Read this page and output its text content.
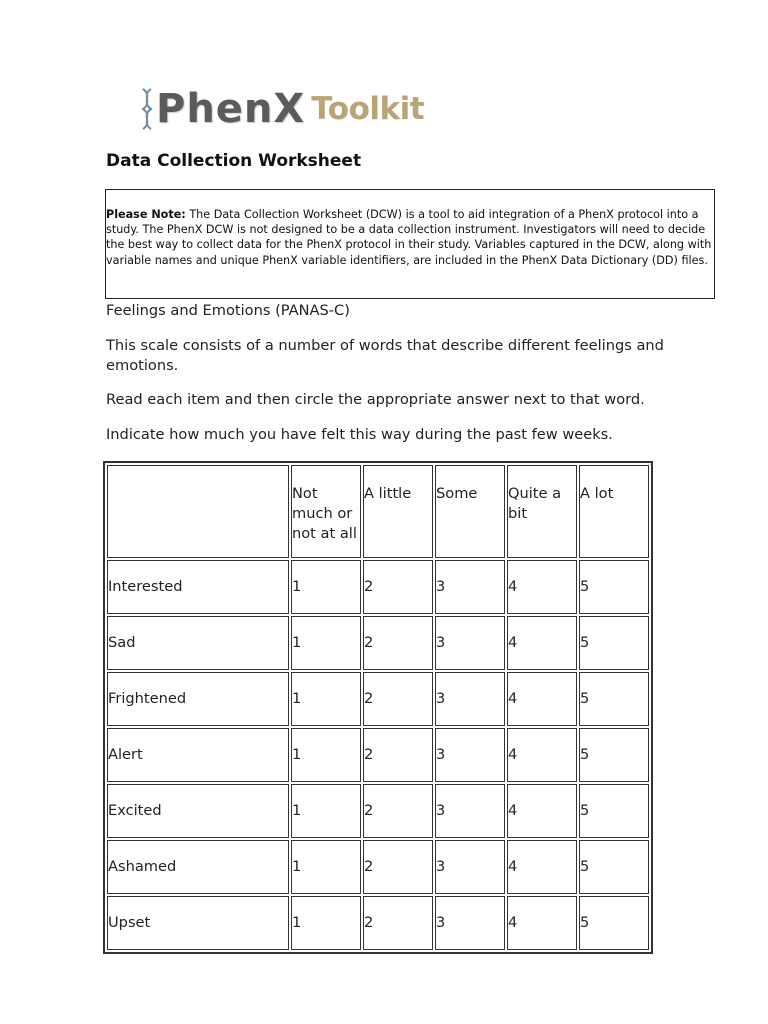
PhenX Toolkit
Data Collection Worksheet
Please Note: The Data Collection Worksheet (DCW) is a tool to aid integration of a PhenX protocol into a study. The PhenX DCW is not designed to be a data collection instrument. Investigators will need to decide the best way to collect data for the PhenX protocol in their study. Variables captured in the DCW, along with variable names and unique PhenX variable identifiers, are included in the PhenX Data Dictionary (DD) files.

Feelings and Emotions (PANAS-C)

This scale consists of a number of words that describe different feelings and emotions.

Read each item and then circle the appropriate answer next to that word.

Indicate how much you have felt this way during the past few weeks.

	Not much or not at all	A little	Some	Quite a bit	A lot
Interested	1	2	3	4	5
Sad	1	2	3	4	5
Frightened	1	2	3	4	5
Alert	1	2	3	4	5
Excited	1	2	3	4	5
Ashamed	1	2	3	4	5
Upset	1	2	3	4	5
